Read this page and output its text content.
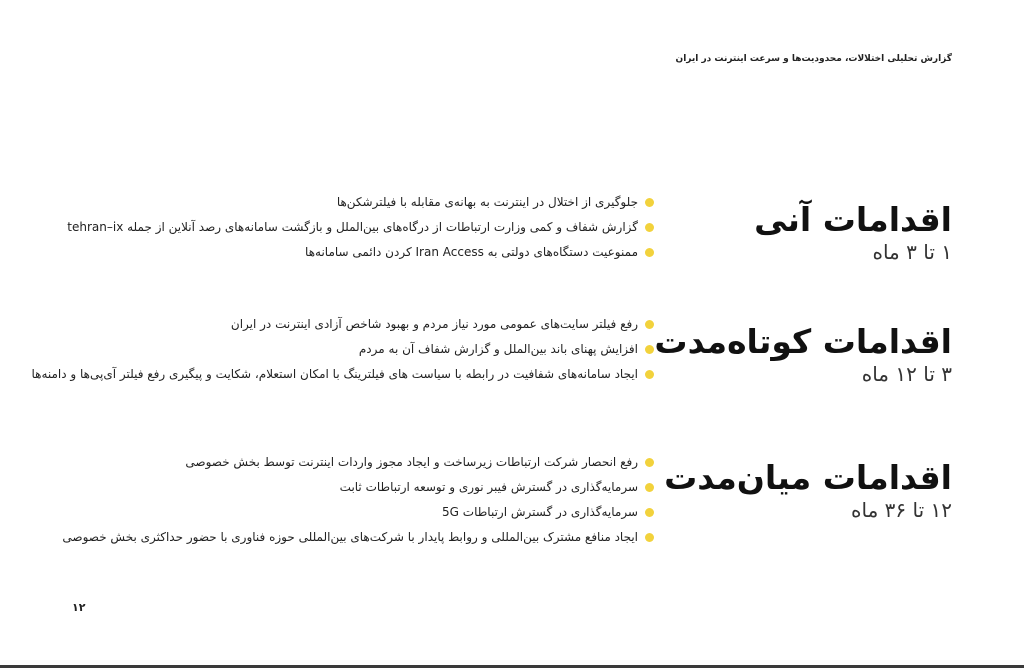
گزارش تحلیلی اختلالات، محدودیت‌ها و سرعت اینترنت در ایران
اقدامات آنی
۱ تا ۳ ماه
جلوگیری از اختلال در اینترنت به بهانه‌ی مقابله با فیلترشکن‌ها
گزارش شفاف و کمی وزارت ارتباطات از درگاه‌های بین‌الملل و بازگشت سامانه‌های رصد آنلاین از جمله tehran–ix
ممنوعیت دستگاه‌های دولتی به Iran Access کردن دائمی سامانه‌ها
اقدامات کوتاه‌مدت
۳ تا ۱۲ ماه
رفع فیلتر سایت‌های عمومی مورد نیاز مردم و بهبود شاخص آزادی اینترنت در ایران
افزایش پهنای باند بین‌الملل و گزارش شفاف آن به مردم
ایجاد سامانه‌های شفافیت در رابطه با سیاست‌ های فیلترینگ با امکان استعلام، شکایت و پیگیری رفع فیلتر آی‌پی‌ها و دامنه‌ها
اقدامات میان‌مدت
۱۲ تا ۳۶ ماه
رفع انحصار شرکت ارتباطات زیرساخت و ایجاد مجوز واردات اینترنت توسط بخش خصوصی
سرمایه‌گذاری در گسترش فیبر نوری و توسعه ارتباطات ثابت
سرمایه‌گذاری در گسترش ارتباطات 5G
ایجاد منافع مشترک بین‌المللی و روابط پایدار با شرکت‌های بین‌المللی حوزه فناوری با حضور حداکثری بخش خصوصی
۱۲
